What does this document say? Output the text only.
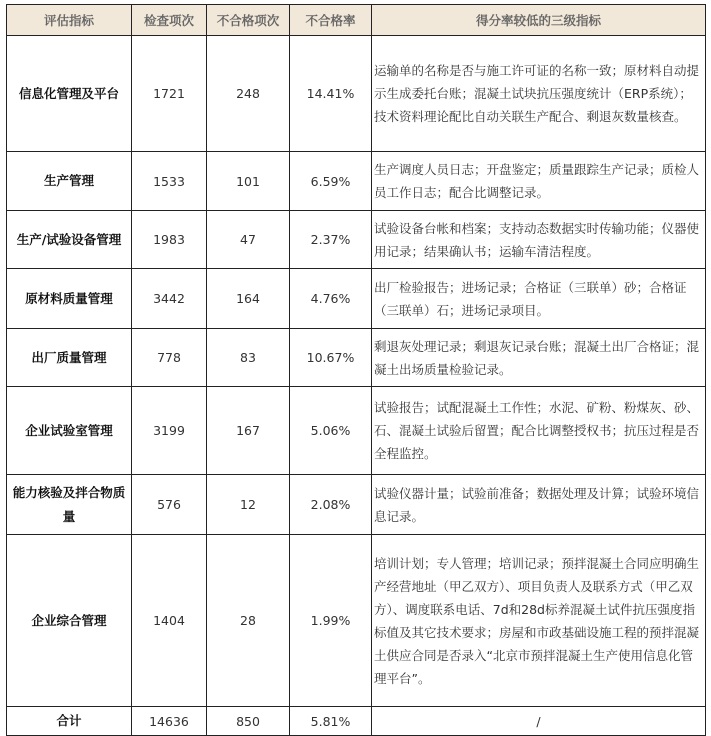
评估指标	检查项次	不合格项次	不合格率	得分率较低的三级指标
信息化管理及平台	1721	248	14.41%	运输单的名称是否与施工许可证的名称一致；原材料自动提示生成委托台账；混凝土试块抗压强度统计（ERP系统）；技术资料理论配比自动关联生产配合、剩退灰数量核查。
生产管理	1533	101	6.59%	生产调度人员日志；开盘鉴定；质量跟踪生产记录；质检人员工作日志；配合比调整记录。
生产/试验设备管理	1983	47	2.37%	试验设备台帐和档案；支持动态数据实时传输功能；仪器使用记录；结果确认书；运输车清洁程度。
原材料质量管理	3442	164	4.76%	出厂检验报告；进场记录；合格证（三联单）砂；合格证（三联单）石；进场记录项目。
出厂质量管理	778	83	10.67%	剩退灰处理记录；剩退灰记录台账；混凝土出厂合格证；混凝土出场质量检验记录。
企业试验室管理	3199	167	5.06%	试验报告；试配混凝土工作性；水泥、矿粉、粉煤灰、砂、石、混凝土试验后留置；配合比调整授权书；抗压过程是否全程监控。
能力核验及拌合物质量	576	12	2.08%	试验仪器计量；试验前准备；数据处理及计算；试验环境信息记录。
企业综合管理	1404	28	1.99%	培训计划；专人管理；培训记录；预拌混凝土合同应明确生产经营地址（甲乙双方）、项目负责人及联系方式（甲乙双方）、调度联系电话、7d和28d标养混凝土试件抗压强度指标值及其它技术要求；房屋和市政基础设施工程的预拌混凝土供应合同是否录入“北京市预拌混凝土生产使用信息化管理平台”。
合计	14636	850	5.81%	/
